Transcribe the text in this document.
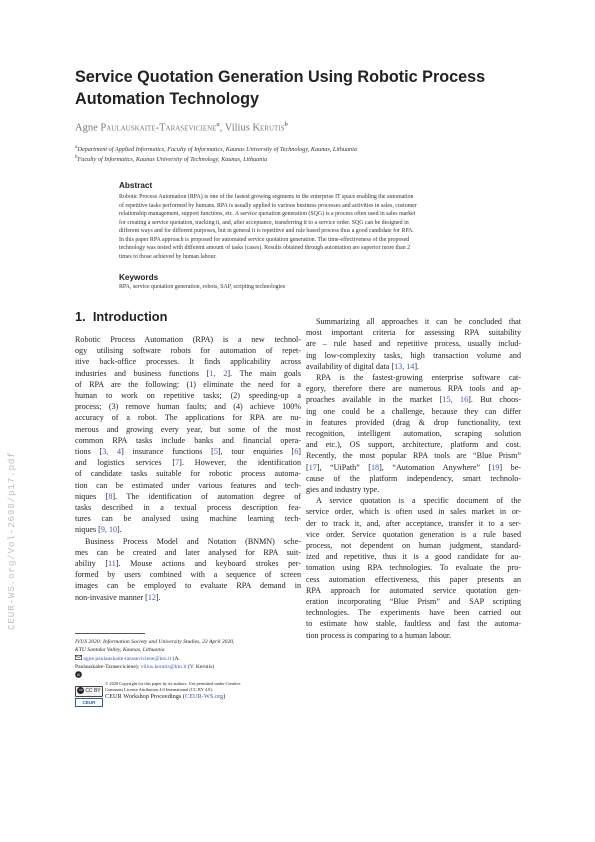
CEUR-WS.org/Vol-2698/p17.pdf
Service Quotation Generation Using Robotic Process
Automation Technology
Agne Paulauskaite-Taraseviciene$^a$, Vilius Kerutis$^b$
$^a$Department of Applied Informatics, Faculty of Informatics, Kaunas University of Technology, Kaunas, Lithuania
$^b$Faculty of Informatics, Kaunas University of Technology, Kaunas, Lithuania
Abstract
Robotic Process Automation (RPA) is one of the fastest growing segments in the enterprise IT space enabling the automation
of repetitive tasks performed by humans. RPA is usually applied to various business processes and activities in sales, customer
relationship management, support functions, etc. A service quotation generation (SQG) is a process often used in sales market
for creating a service quotation, tracking it, and, after acceptance, transferring it to a service order. SQG can be designed in
different ways and for different purposes, but in general it is repetitive and rule based process thus a good candidate for RPA.
In this paper RPA approach is proposed for automated service quotation generation. The time-effectiveness of the proposed
technology was tested with different amount of tasks (cases). Results obtained through automation are superior more than 2
times to those achieved by human labour.
Keywords
RPA, service quotation generation, robots, SAP, scripting technologies
1. Introduction
Robotic Process Automation (RPA) is a new technol-
ogy utilising software robots for automation of repet-
itive back-office processes. It finds applicability across
industries and business functions [1, 2]. The main goals
of RPA are the following: (1) eliminate the need for a
human to work on repetitive tasks; (2) speeding-up a
process; (3) remove human faults; and (4) achieve 100%
accuracy of a robot. The applications for RPA are nu-
merous and growing every year, but some of the most
common RPA tasks include banks and financial opera-
tions [3, 4] insurance functions [5], tour enquiries [6]
and logistics services [7]. However, the identification
of candidate tasks suitable for robotic process automa-
tion can be estimated under various features and tech-
niques [8]. The identification of automation degree of
tasks described in a textual process description fea-
tures can be analysed using machine learning tech-
niques [9, 10].
Business Process Model and Notation (BNMN) sche-
mes can be created and later analysed for RPA suit-
ability [11]. Mouse actions and keyboard strokes per-
formed by users combined with a sequence of screen
images can be employed to evaluate RPA demand in
non-invasive manner [12].
Summarizing all approaches it can be concluded that
most important criteria for assessing RPA suitability
are – rule based and repetitive process, usually includ-
ing low-complexity tasks, high transaction volume and
availability of digital data [13, 14].
RPA is the fastest-growing enterprise software cat-
egory, therefore there are numerous RPA tools and ap-
proaches available in the market [15, 16]. But choos-
ing one could be a challenge, because they can differ
in features provided (drag & drop functionality, text
recognition, intelligent automation, scraping solution
and etc.), OS support, architecture, platform and cost.
Recently, the most popular RPA tools are “Blue Prism”
[17], “UiPath” [18], “Automation Anywhere” [19] be-
cause of the platform independency, smart technolo-
gies and industry type.
A service quotation is a specific document of the
service order, which is often used in sales market in or-
der to track it, and, after acceptance, transfer it to a ser-
vice order. Service quotation generation is a rule based
process, not dependent on human judgment, standard-
ized and repetitive, thus it is a good candidate for au-
tomation using RPA technologies. To evaluate the pro-
cess automation effectiveness, this paper presents an
RPA approach for automated service quotation gen-
eration incorporating “Blue Prism” and SAP scripting
technologies. The experiments have been carried out
to estimate how stable, faultless and fast the automa-
tion process is comparing to a human labour.
IVUS 2020: Information Society and University Studies, 23 April 2020,
KTU Santaka Valley, Kaunas, Lithuania
agne.paulauskaite-taraseviciene@ktu.lt (A.
Paulauskaite-Taraseviciene); vilius.kerutis@ktu.lt (V. Kerutis)
iD
© 2020 Copyright for this paper by its authors. Use permitted under Creative
Commons License Attribution 4.0 International (CC BY 4.0).
CEUR Workshop Proceedings (CEUR-WS.org)
cc CC BY
CEUR
